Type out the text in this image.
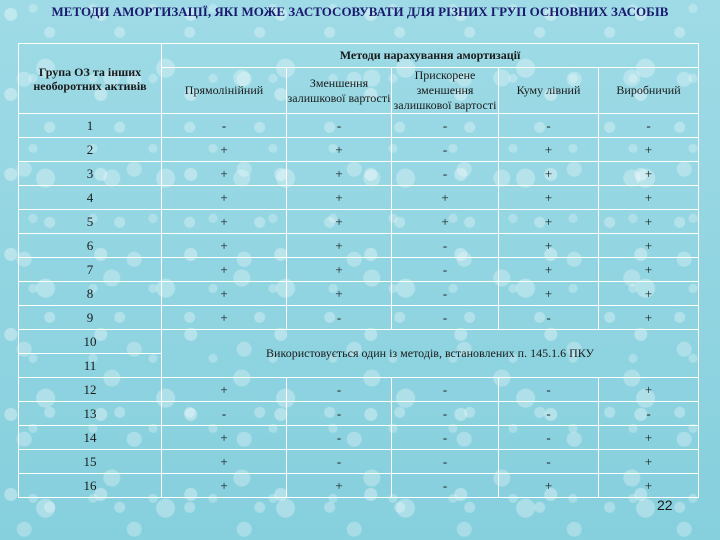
МЕТОДИ АМОРТИЗАЦІЇ, ЯКІ МОЖЕ ЗАСТОСОВУВАТИ ДЛЯ РІЗНИХ ГРУП ОСНОВНИХ ЗАСОБІВ
Група ОЗ та інших необоротних активів	Методи нарахування амортизації				
	Прямолінійний	Зменшення залишкової вартості	Прискорене зменшення залишкової вартості	Куму лівний	Виробничий
1	-	-	-	-	-
2	+	+	-	+	+
3	+	+	-	+	+
4	+	+	+	+	+
5	+	+	+	+	+
6	+	+	-	+	+
7	+	+	-	+	+
8	+	+	-	+	+
9	+	-	-	-	+
10	Використовується один із методів, встановлених п. 145.1.6 ПКУ				
11					
12	+	-	-	-	+
13	-	-	-	-	-
14	+	-	-	-	+
15	+	-	-	-	+
16	+	+	-	+	+
22
